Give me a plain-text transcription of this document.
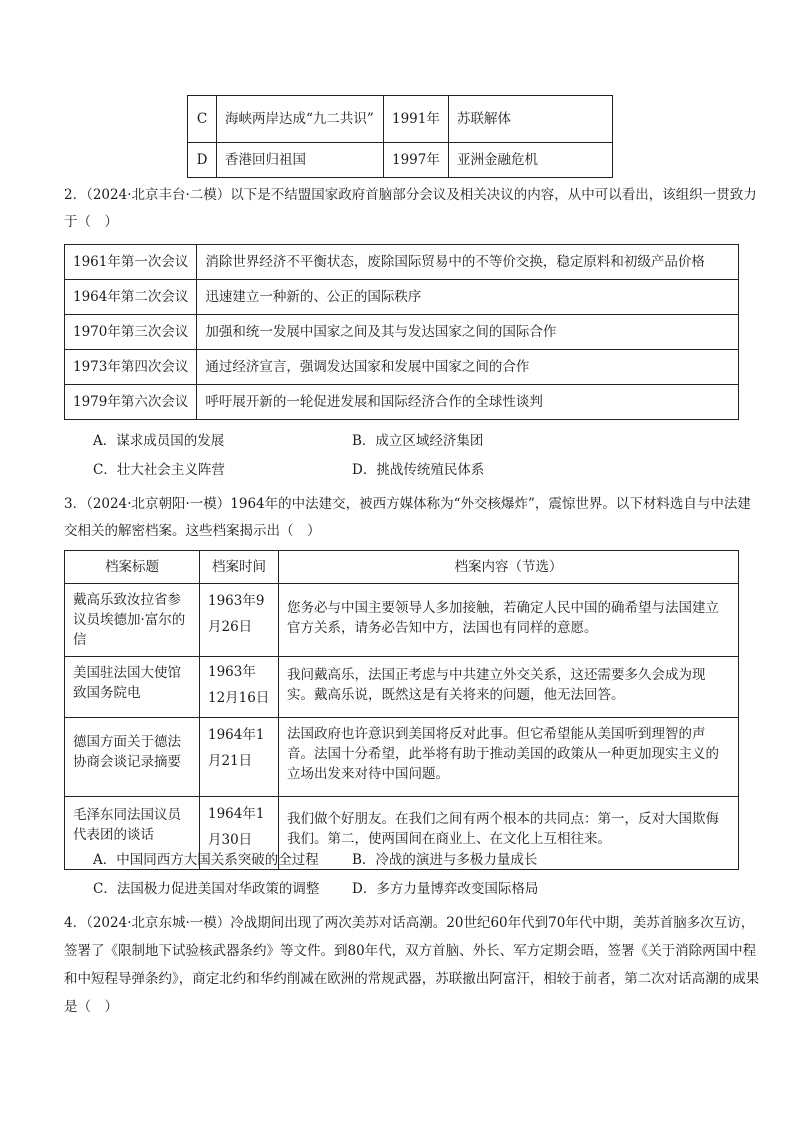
C	海峡两岸达成“九二共识”	1991年	苏联解体
D	香港回归祖国	1997年	亚洲金融危机
2．（2024·北京丰台·二模）以下是不结盟国家政府首脑部分会议及相关决议的内容，从中可以看出，该组织一贯致力于（　）
1961年第一次会议	消除世界经济不平衡状态，废除国际贸易中的不等价交换，稳定原料和初级产品价格
1964年第二次会议	迅速建立一种新的、公正的国际秩序
1970年第三次会议	加强和统一发展中国家之间及其与发达国家之间的国际合作
1973年第四次会议	通过经济宣言，强调发达国家和发展中国家之间的合作
1979年第六次会议	呼吁展开新的一轮促进发展和国际经济合作的全球性谈判
A．谋求成员国的发展	B．成立区域经济集团
C．壮大社会主义阵营	D．挑战传统殖民体系
3．（2024·北京朝阳·一模）1964年的中法建交，被西方媒体称为“外交核爆炸”，震惊世界。以下材料选自与中法建交相关的解密档案。这些档案揭示出（　）
档案标题	档案时间	档案内容（节选）
戴高乐致汝拉省参议员埃德加·富尔的信	1963年9月26日	您务必与中国主要领导人多加接触，若确定人民中国的确希望与法国建立官方关系，请务必告知中方，法国也有同样的意愿。
美国驻法国大使馆致国务院电	1963年12月16日	我问戴高乐，法国正考虑与中共建立外交关系，这还需要多久会成为现实。戴高乐说，既然这是有关将来的问题，他无法回答。
德国方面关于德法协商会谈记录摘要	1964年1月21日	法国政府也许意识到美国将反对此事。但它希望能从美国听到理智的声音。法国十分希望，此举将有助于推动美国的政策从一种更加现实主义的立场出发来对待中国问题。
毛泽东同法国议员代表团的谈话	1964年1月30日	我们做个好朋友。在我们之间有两个根本的共同点：第一，反对大国欺侮我们。第二，使两国间在商业上、在文化上互相往来。
A．中国同西方大国关系突破的全过程 B．冷战的演进与多极力量成长
C．法国极力促进美国对华政策的调整 D．多方力量博弈改变国际格局
4．（2024·北京东城·一模）冷战期间出现了两次美苏对话高潮。20世纪60年代到70年代中期，美苏首脑多次互访，签署了《限制地下试验核武器条约》等文件。到80年代，双方首脑、外长、军方定期会晤，签署《关于消除两国中程和中短程导弹条约》，商定北约和华约削减在欧洲的常规武器，苏联撤出阿富汗，相较于前者，第二次对话高潮的成果是（　）
